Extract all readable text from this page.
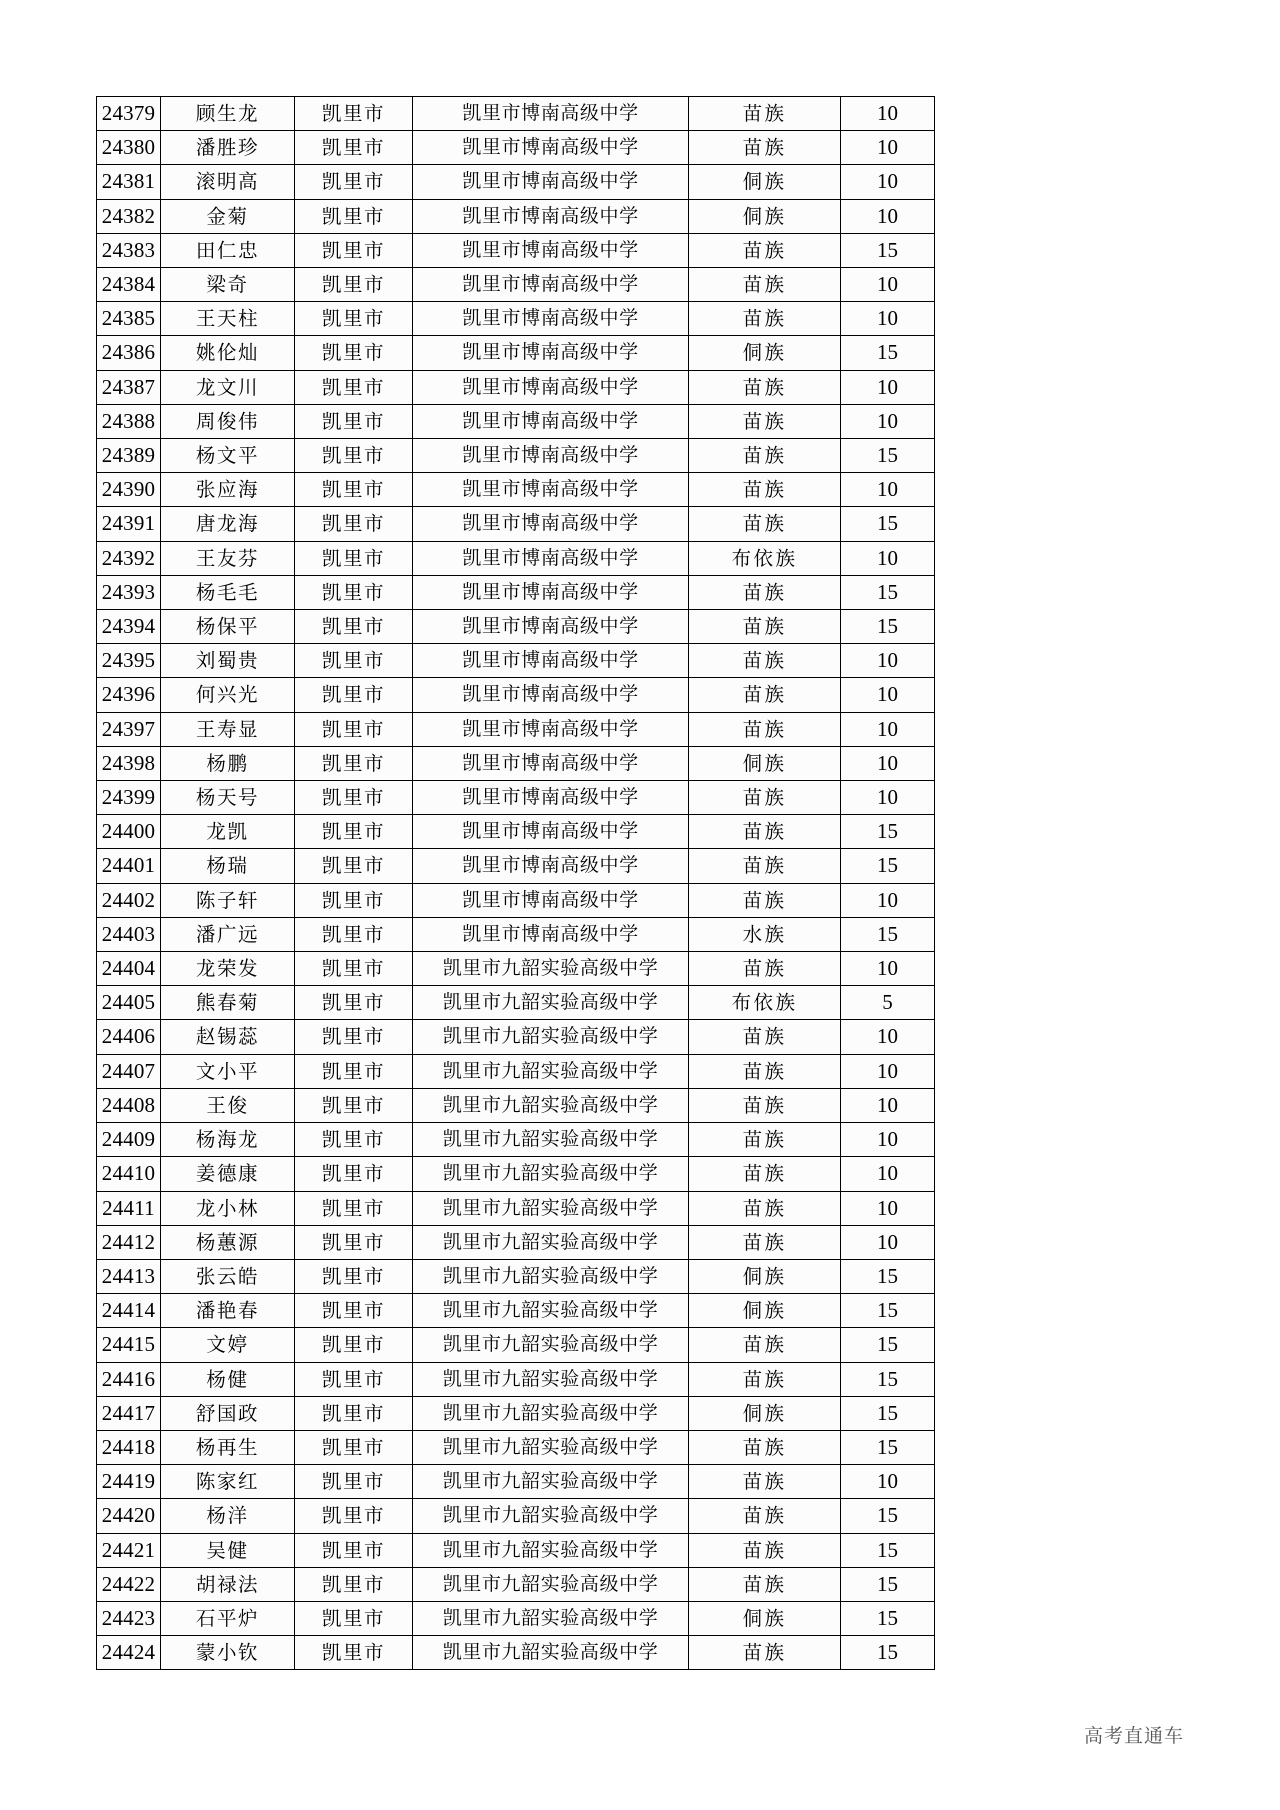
24379	顾生龙	凯里市	凯里市博南高级中学	苗族	10
24380	潘胜珍	凯里市	凯里市博南高级中学	苗族	10
24381	滚明高	凯里市	凯里市博南高级中学	侗族	10
24382	金菊	凯里市	凯里市博南高级中学	侗族	10
24383	田仁忠	凯里市	凯里市博南高级中学	苗族	15
24384	梁奇	凯里市	凯里市博南高级中学	苗族	10
24385	王天柱	凯里市	凯里市博南高级中学	苗族	10
24386	姚伦灿	凯里市	凯里市博南高级中学	侗族	15
24387	龙文川	凯里市	凯里市博南高级中学	苗族	10
24388	周俊伟	凯里市	凯里市博南高级中学	苗族	10
24389	杨文平	凯里市	凯里市博南高级中学	苗族	15
24390	张应海	凯里市	凯里市博南高级中学	苗族	10
24391	唐龙海	凯里市	凯里市博南高级中学	苗族	15
24392	王友芬	凯里市	凯里市博南高级中学	布依族	10
24393	杨毛毛	凯里市	凯里市博南高级中学	苗族	15
24394	杨保平	凯里市	凯里市博南高级中学	苗族	15
24395	刘蜀贵	凯里市	凯里市博南高级中学	苗族	10
24396	何兴光	凯里市	凯里市博南高级中学	苗族	10
24397	王寿显	凯里市	凯里市博南高级中学	苗族	10
24398	杨鹏	凯里市	凯里市博南高级中学	侗族	10
24399	杨天号	凯里市	凯里市博南高级中学	苗族	10
24400	龙凯	凯里市	凯里市博南高级中学	苗族	15
24401	杨瑞	凯里市	凯里市博南高级中学	苗族	15
24402	陈子轩	凯里市	凯里市博南高级中学	苗族	10
24403	潘广远	凯里市	凯里市博南高级中学	水族	15
24404	龙荣发	凯里市	凯里市九韶实验高级中学	苗族	10
24405	熊春菊	凯里市	凯里市九韶实验高级中学	布依族	5
24406	赵锡蕊	凯里市	凯里市九韶实验高级中学	苗族	10
24407	文小平	凯里市	凯里市九韶实验高级中学	苗族	10
24408	王俊	凯里市	凯里市九韶实验高级中学	苗族	10
24409	杨海龙	凯里市	凯里市九韶实验高级中学	苗族	10
24410	姜德康	凯里市	凯里市九韶实验高级中学	苗族	10
24411	龙小林	凯里市	凯里市九韶实验高级中学	苗族	10
24412	杨蕙源	凯里市	凯里市九韶实验高级中学	苗族	10
24413	张云皓	凯里市	凯里市九韶实验高级中学	侗族	15
24414	潘艳春	凯里市	凯里市九韶实验高级中学	侗族	15
24415	文婷	凯里市	凯里市九韶实验高级中学	苗族	15
24416	杨健	凯里市	凯里市九韶实验高级中学	苗族	15
24417	舒国政	凯里市	凯里市九韶实验高级中学	侗族	15
24418	杨再生	凯里市	凯里市九韶实验高级中学	苗族	15
24419	陈家红	凯里市	凯里市九韶实验高级中学	苗族	10
24420	杨洋	凯里市	凯里市九韶实验高级中学	苗族	15
24421	吴健	凯里市	凯里市九韶实验高级中学	苗族	15
24422	胡禄法	凯里市	凯里市九韶实验高级中学	苗族	15
24423	石平炉	凯里市	凯里市九韶实验高级中学	侗族	15
24424	蒙小钦	凯里市	凯里市九韶实验高级中学	苗族	15
高考直通车
